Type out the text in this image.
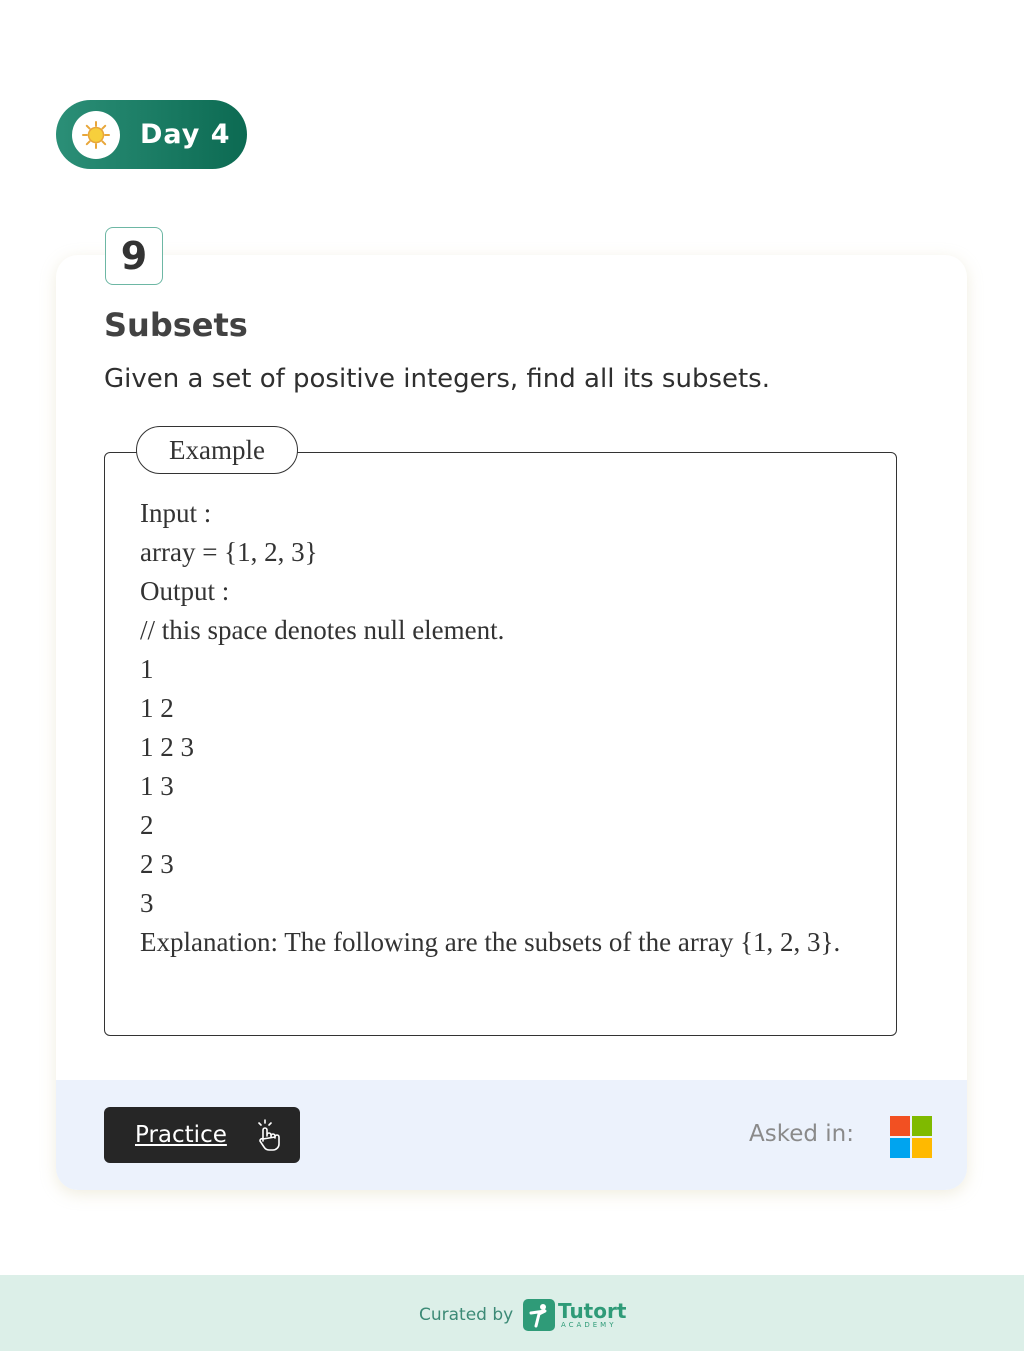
Day 4
9
Subsets
Given a set of positive integers, find all its subsets.
Example
Input :
array = {1, 2, 3}
Output :
// this space denotes null element.
1
1 2
1 2 3
1 3
2
2 3
3
Explanation: The following are the subsets of the array {1, 2, 3}.
Practice	Asked in:
Curated by Tutort
ACADEMY
